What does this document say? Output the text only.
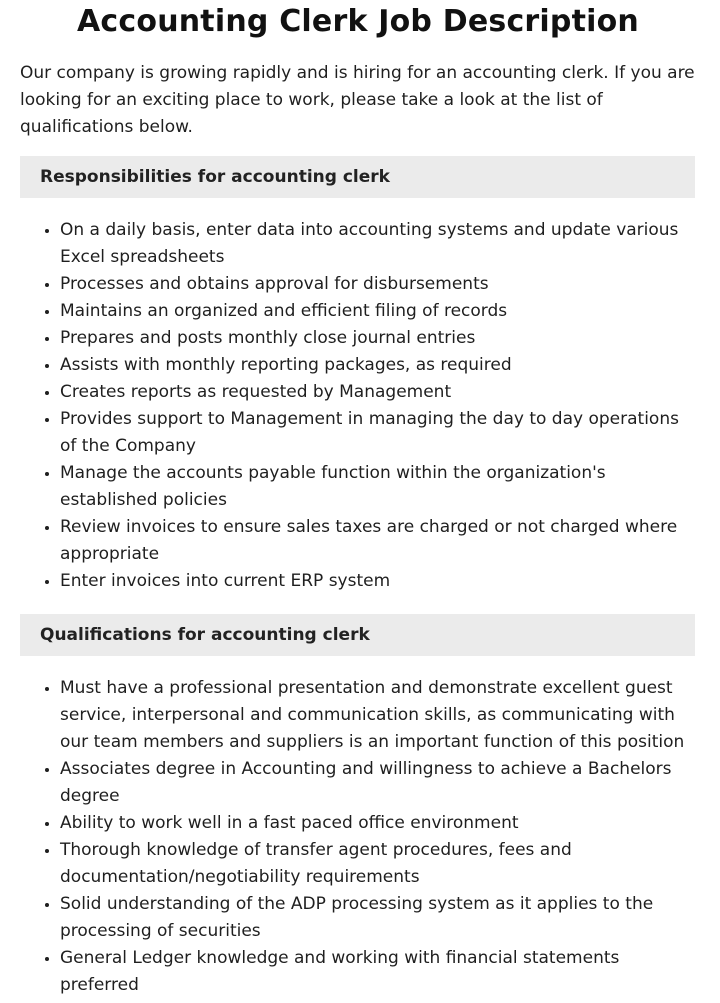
Accounting Clerk Job Description

Our company is growing rapidly and is hiring for an accounting clerk. If you are looking for an exciting place to work, please take a look at the list of qualifications below.

Responsibilities for accounting clerk
• On a daily basis, enter data into accounting systems and update various Excel spreadsheets
• Processes and obtains approval for disbursements
• Maintains an organized and efficient filing of records
• Prepares and posts monthly close journal entries
• Assists with monthly reporting packages, as required
• Creates reports as requested by Management
• Provides support to Management in managing the day to day operations of the Company
• Manage the accounts payable function within the organization's established policies
• Review invoices to ensure sales taxes are charged or not charged where appropriate
• Enter invoices into current ERP system
Qualifications for accounting clerk
• Must have a professional presentation and demonstrate excellent guest service, interpersonal and communication skills, as communicating with our team members and suppliers is an important function of this position
• Associates degree in Accounting and willingness to achieve a Bachelors degree
• Ability to work well in a fast paced office environment
• Thorough knowledge of transfer agent procedures, fees and documentation/negotiability requirements
• Solid understanding of the ADP processing system as it applies to the processing of securities
• General Ledger knowledge and working with financial statements preferred
